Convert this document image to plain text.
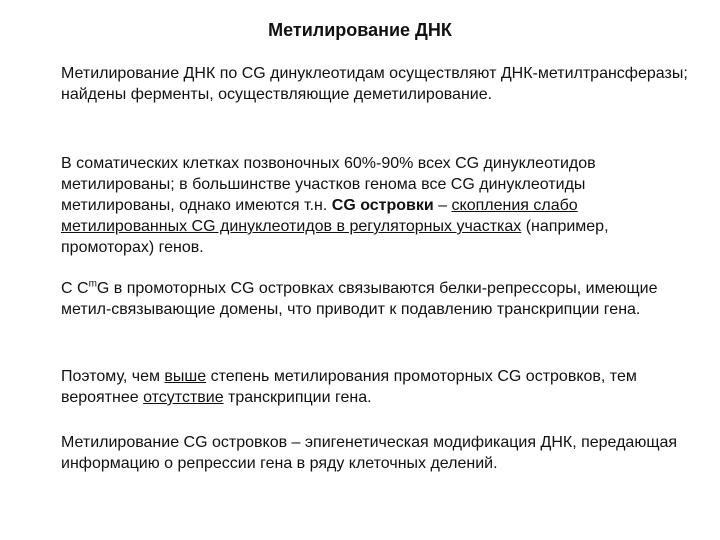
Метилирование ДНК
Метилирование ДНК по CG динуклеотидам осуществляют ДНК-метилтрансферазы; найдены ферменты, осуществляющие деметилирование.
В соматических клетках позвоночных 60%-90% всех CG динуклеотидов метилированы; в большинстве участков генома все CG динуклеотиды метилированы, однако имеются т.н. CG островки – скопления слабо метилированных CG динуклеотидов в регуляторных участках (например, промоторах) генов.
С $C^mG$ в промоторных CG островках связываются белки-репрессоры, имеющие метил-связывающие домены, что приводит к подавлению транскрипции гена.
Поэтому, чем выше степень метилирования промоторных CG островков, тем вероятнее отсутствие транскрипции гена.
Метилирование CG островков – эпигенетическая модификация ДНК, передающая информацию о репрессии гена в ряду клеточных делений.
